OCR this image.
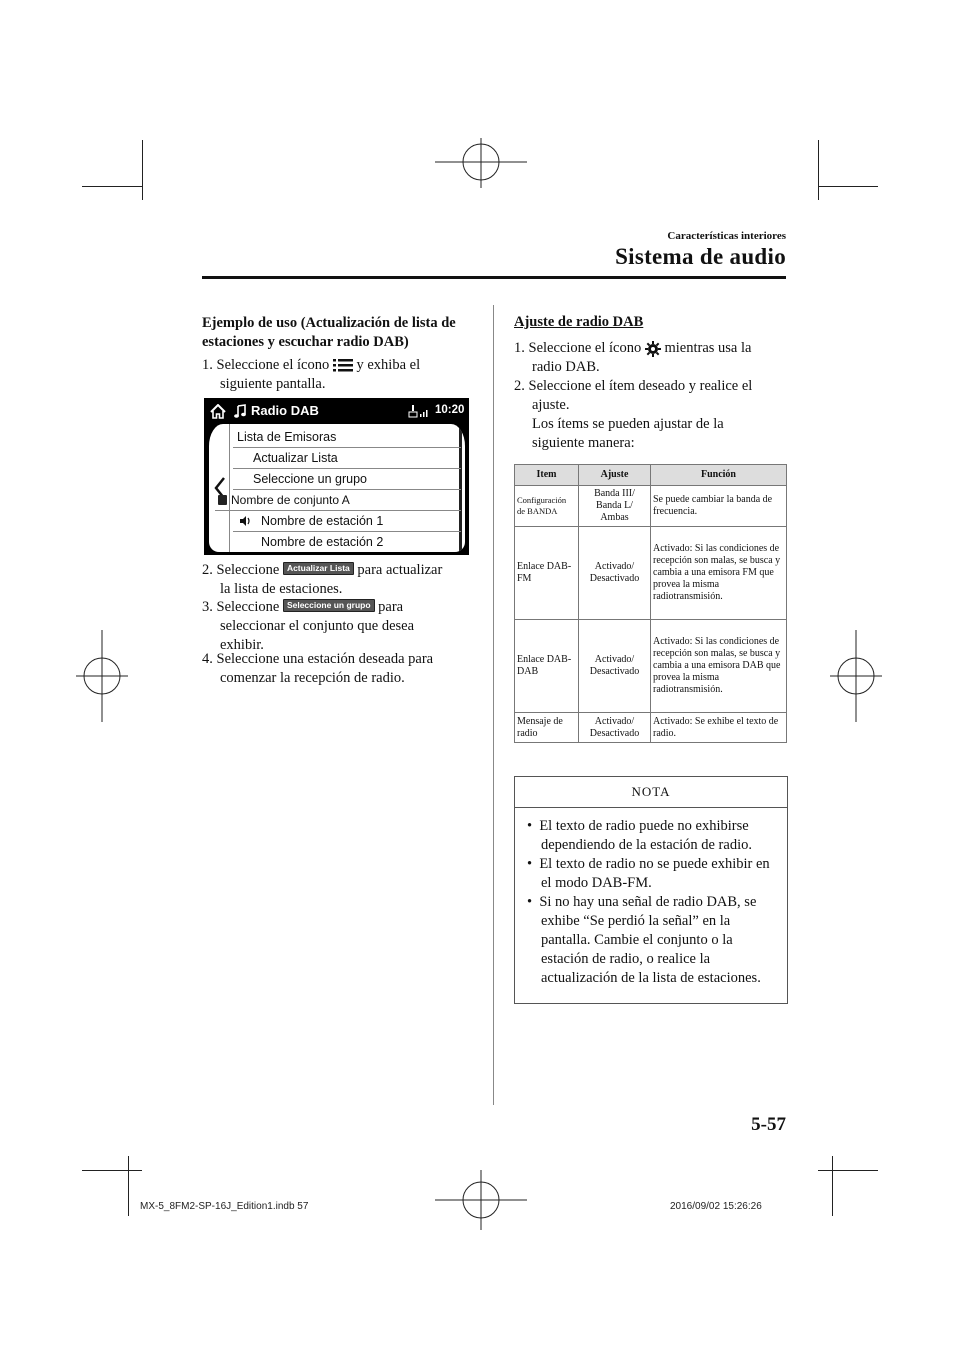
Características interiores
Sistema de audio
Ejemplo de uso (Actualización de lista de estaciones y escuchar radio DAB)
1. Seleccione el ícono y exhiba el
siguiente pantalla.
Radio DAB	10:20
Lista de Emisoras
Actualizar Lista
Seleccione un grupo
Nombre de conjunto A
Nombre de estación 1
Nombre de estación 2
2. Seleccione Actualizar Lista para actualizar
la lista de estaciones.
3. Seleccione Seleccione un grupo para
seleccionar el conjunto que desea
exhibir.
4. Seleccione una estación deseada para
comenzar la recepción de radio.
Ajuste de radio DAB
1. Seleccione el ícono mientras usa la
radio DAB.
2. Seleccione el ítem deseado y realice el
ajuste.
Los ítems se pueden ajustar de la
siguiente manera:
Item	Ajuste	Función
Configuración de BANDA	Banda III/ Banda L/ Ambas	Se puede cambiar la banda de frecuencia.
Enlace DAB-FM	Activado/ Desactivado	Activado: Si las condiciones de recepción son malas, se busca y cambia a una emisora FM que provea la misma radiotransmisión.
Enlace DAB-DAB	Activado/ Desactivado	Activado: Si las condiciones de recepción son malas, se busca y cambia a una emisora DAB que provea la misma radiotransmisión.
Mensaje de radio	Activado/ Desactivado	Activado: Se exhibe el texto de radio.
NOTA
•  El texto de radio puede no exhibirse dependiendo de la estación de radio.
•  El texto de radio no se puede exhibir en el modo DAB-FM.
•  Si no hay una señal de radio DAB, se exhibe “Se perdió la señal” en la pantalla. Cambie el conjunto o la estación de radio, o realice la actualización de la lista de estaciones.
5-57
MX-5_8FM2-SP-16J_Edition1.indb 57	2016/09/02 15:26:26
